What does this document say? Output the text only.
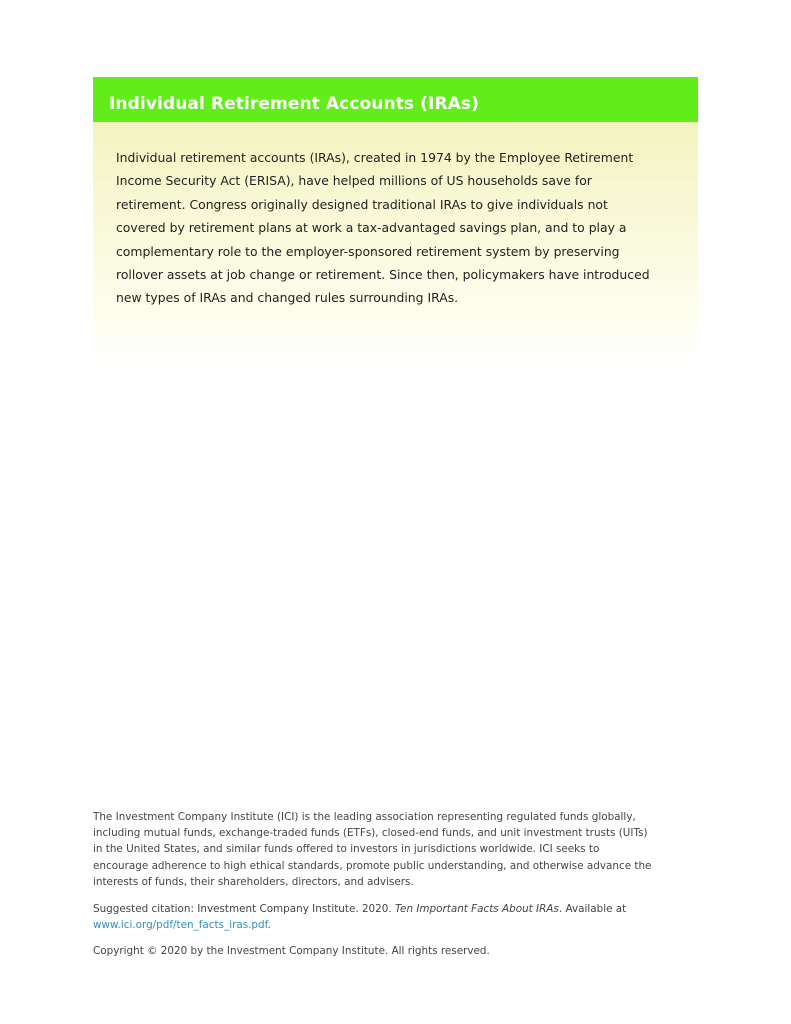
Individual Retirement Accounts (IRAs)
Individual retirement accounts (IRAs), created in 1974 by the Employee Retirement Income Security Act (ERISA), have helped millions of US households save for retirement. Congress originally designed traditional IRAs to give individuals not covered by retirement plans at work a tax-advantaged savings plan, and to play a complementary role to the employer-sponsored retirement system by preserving rollover assets at job change or retirement. Since then, policymakers have introduced new types of IRAs and changed rules surrounding IRAs.

The Investment Company Institute (ICI) is the leading association representing regulated funds globally, including mutual funds, exchange-traded funds (ETFs), closed-end funds, and unit investment trusts (UITs) in the United States, and similar funds offered to investors in jurisdictions worldwide. ICI seeks to encourage adherence to high ethical standards, promote public understanding, and otherwise advance the interests of funds, their shareholders, directors, and advisers.

Suggested citation: Investment Company Institute. 2020. Ten Important Facts About IRAs. Available at www.ici.org/pdf/ten_facts_iras.pdf.

Copyright © 2020 by the Investment Company Institute. All rights reserved.
